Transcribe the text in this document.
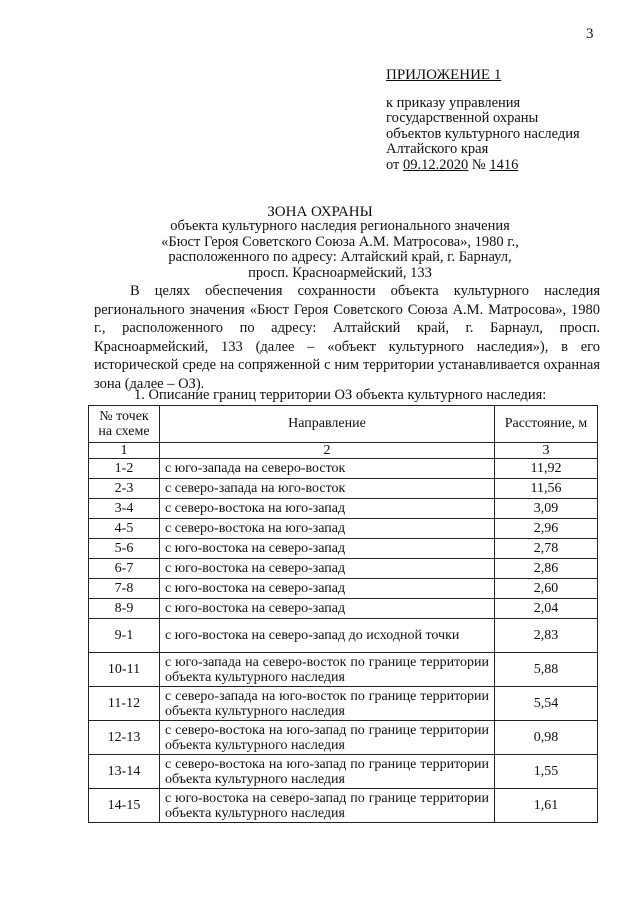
3
ПРИЛОЖЕНИЕ 1
к приказу управления
государственной охраны
объектов культурного наследия
Алтайского края
от 09.12.2020 № 1416
ЗОНА ОХРАНЫ
объекта культурного наследия регионального значения
«Бюст Героя Советского Союза А.М. Матросова», 1980 г.,
расположенного по адресу: Алтайский край, г. Барнаул,
просп. Красноармейский, 133
В целях обеспечения сохранности объекта культурного наследия регионального значения «Бюст Героя Советского Союза А.М. Матросова», 1980 г., расположенного по адресу: Алтайский край, г. Барнаул, просп. Красноармейский, 133 (далее – «объект культурного наследия»), в его исторической среде на сопряженной с ним территории устанавливается охранная зона (далее – ОЗ).
1. Описание границ территории ОЗ объекта культурного наследия:
№ точек
на схеме	Направление	Расстояние, м
1	2	3
1-2	с юго-запада на северо-восток	11,92
2-3	с северо-запада на юго-восток	11,56
3-4	с северо-востока на юго-запад	3,09
4-5	с северо-востока на юго-запад	2,96
5-6	с юго-востока на северо-запад	2,78
6-7	с юго-востока на северо-запад	2,86
7-8	с юго-востока на северо-запад	2,60
8-9	с юго-востока на северо-запад	2,04
9-1	с юго-востока на северо-запад до исходной точки	2,83
10-11	с юго-запада на северо-восток по границе территории объекта культурного наследия	5,88
11-12	с северо-запада на юго-восток по границе территории объекта культурного наследия	5,54
12-13	с северо-востока на юго-запад по границе территории объекта культурного наследия	0,98
13-14	с северо-востока на юго-запад по границе территории объекта культурного наследия	1,55
14-15	с юго-востока на северо-запад по границе территории объекта культурного наследия	1,61
